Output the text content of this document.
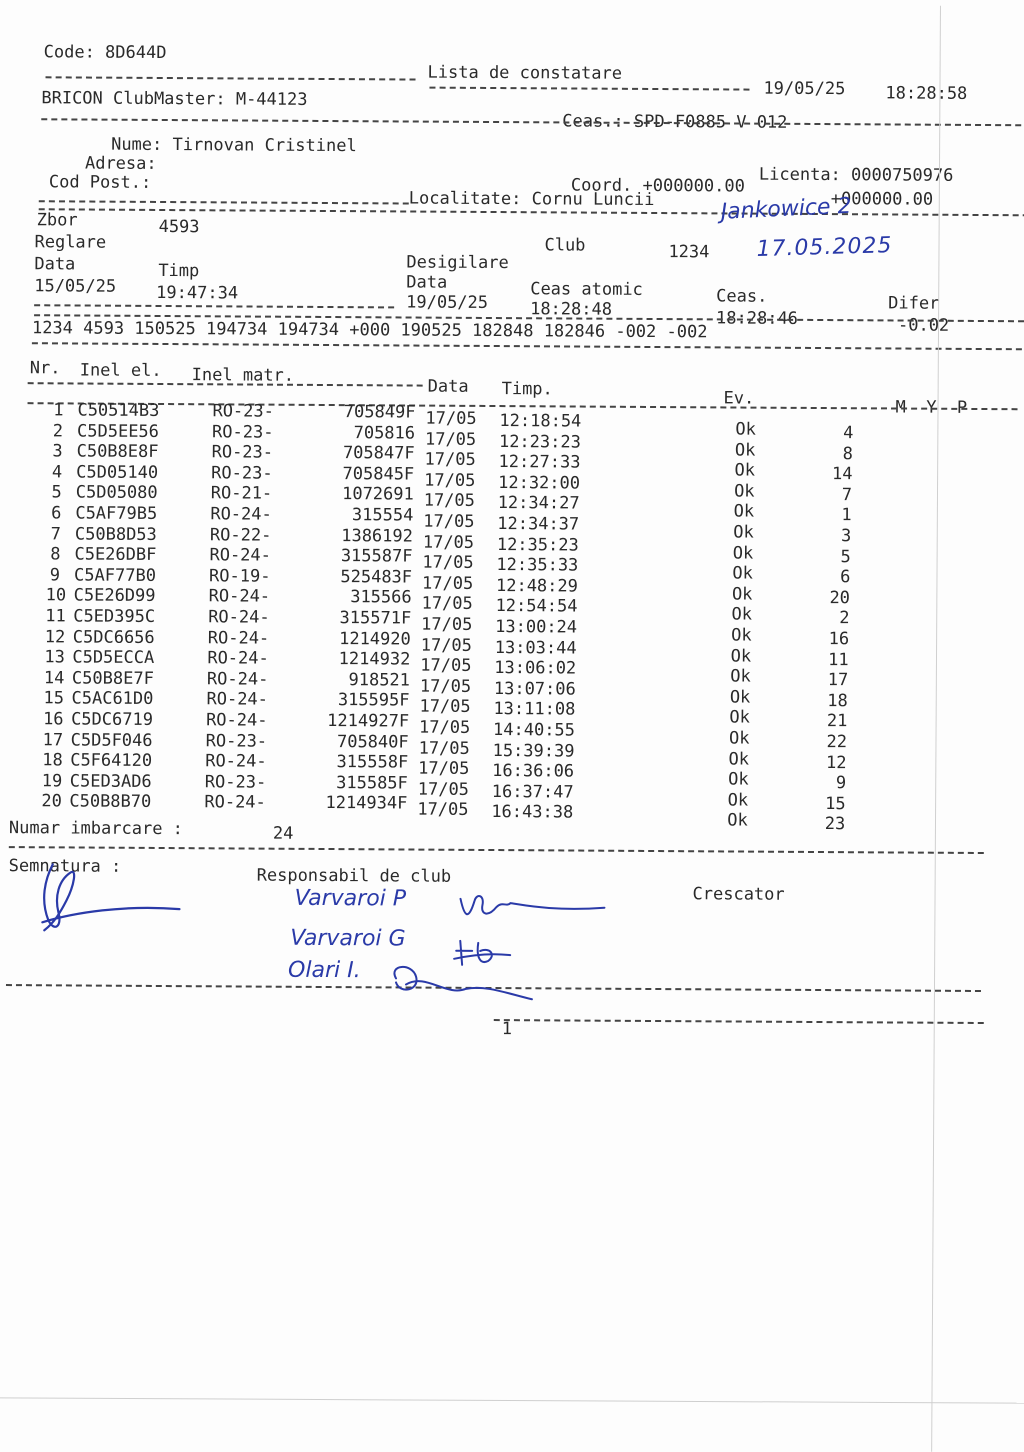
Code: 8D644D
Lista de constatare
19/05/25 18:28:58
BRICON ClubMaster: M-44123
Ceas.: SPD-F0885 V 012
Nume: Tirnovan Cristinel
Adresa:
Cod Post.:	Licenta: 0000750976
Coord. +000000.00
+000000.00
Localitate: Cornu Luncii
Zbor	4593
Reglare	Club	1234
Desigilare
Data	Timp
Data	Ceas atomic	Ceas.	Difer
15/05/25 19:47:34	19/05/25 18:28:48	18:28:46	-0.02
1234 4593 150525 194734 194734 +000 190525 182848 182846 -002 -002
Nr. Inel el. Inel matr.
Data Timp.	Ev.	M  Y  P
1 C50514B3	RO-23-	705849F 17/05 12:18:54	Ok	4
2 C5D5EE56	RO-23-	705816 17/05 12:23:23	Ok	8
3 C50B8E8F	RO-23-	705847F 17/05 12:27:33	Ok	14
4 C5D05140	RO-23-	705845F 17/05 12:32:00	Ok	7
5 C5D05080	RO-21-	1072691 17/05 12:34:27	Ok	1
6 C5AF79B5	RO-24-	315554 17/05 12:34:37	Ok	3
7 C50B8D53	RO-22-	1386192 17/05 12:35:23	Ok	5
8 C5E26DBF	RO-24-	315587F 17/05 12:35:33	Ok	6
9 C5AF77B0	RO-19-	525483F 17/05 12:48:29	Ok	20
10 C5E26D99	RO-24-	315566 17/05 12:54:54	Ok	2
11 C5ED395C	RO-24-	315571F 17/05 13:00:24	Ok	16
12 C5DC6656	RO-24-	1214920 17/05 13:03:44	Ok	11
13 C5D5ECCA	RO-24-	1214932 17/05 13:06:02	Ok	17
14 C50B8E7F	RO-24-	918521 17/05 13:07:06	Ok	18
15 C5AC61D0	RO-24-	315595F 17/05 13:11:08	Ok	21
16 C5DC6719	RO-24-	1214927F 17/05 14:40:55	Ok	22
17 C5D5F046	RO-23-	705840F 17/05 15:39:39	Ok	12
18 C5F64120	RO-24-	315558F 17/05 16:36:06	Ok	9
19 C5ED3AD6	RO-23-	315585F 17/05 16:37:47	Ok	15
20 C50B8B70	RO-24-	1214934F 17/05 16:43:38	Ok	23
Numar imbarcare :	24
Semnatura :	Responsabil de club
Crescator
1
Jankowice 2
17.05.2025
Varvaroi P
Varvaroi G
Olari I.
